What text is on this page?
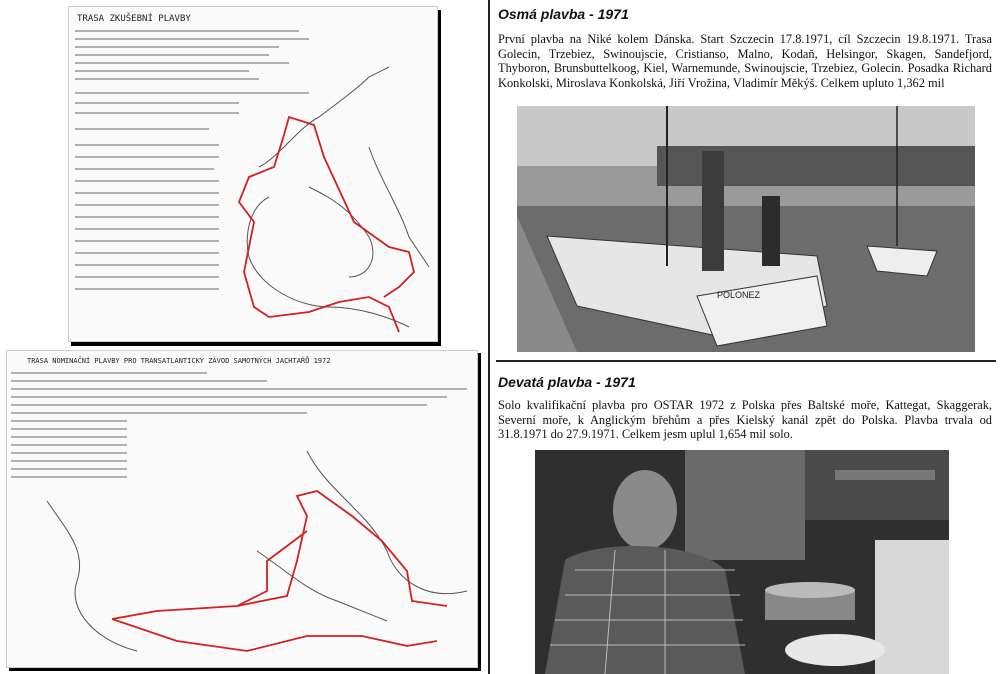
TRASA ZKUŠEBNÍ PLAVBY
TRASA NOMINAČNÍ PLAVBY PRO TRANSATLANTICKÝ ZÁVOD SAMOTNÝCH JACHTAŘŮ 1972
Osmá plavba - 1971
První plavba na Niké kolem Dánska. Start Szczecin 17.8.1971, cíl Szczecin 19.8.1971. Trasa Golecin, Trzebiez, Swinoujscie, Cristianso, Malno, Kodaň, Helsingor, Skagen, Sandefjord, Thyboron, Brunsbuttelkoog, Kiel, Warnemunde, Swinoujscie, Trzebiez, Golecin. Posadka Richard Konkolski, Miroslava Konkolská, Jiří Vrožina, Vladimír Měkýš. Celkem upluto 1,362 mil
POLONEZ
Devatá plavba - 1971
Solo kvalifikační plavba pro OSTAR 1972 z Polska přes Baltské moře, Kattegat, Skaggerak, Severní moře, k Anglickým břehům a přes Kielský kanál zpět do Polska. Plavba trvala od 31.8.1971 do 27.9.1971. Celkem jesm uplul 1,654 mil solo.
